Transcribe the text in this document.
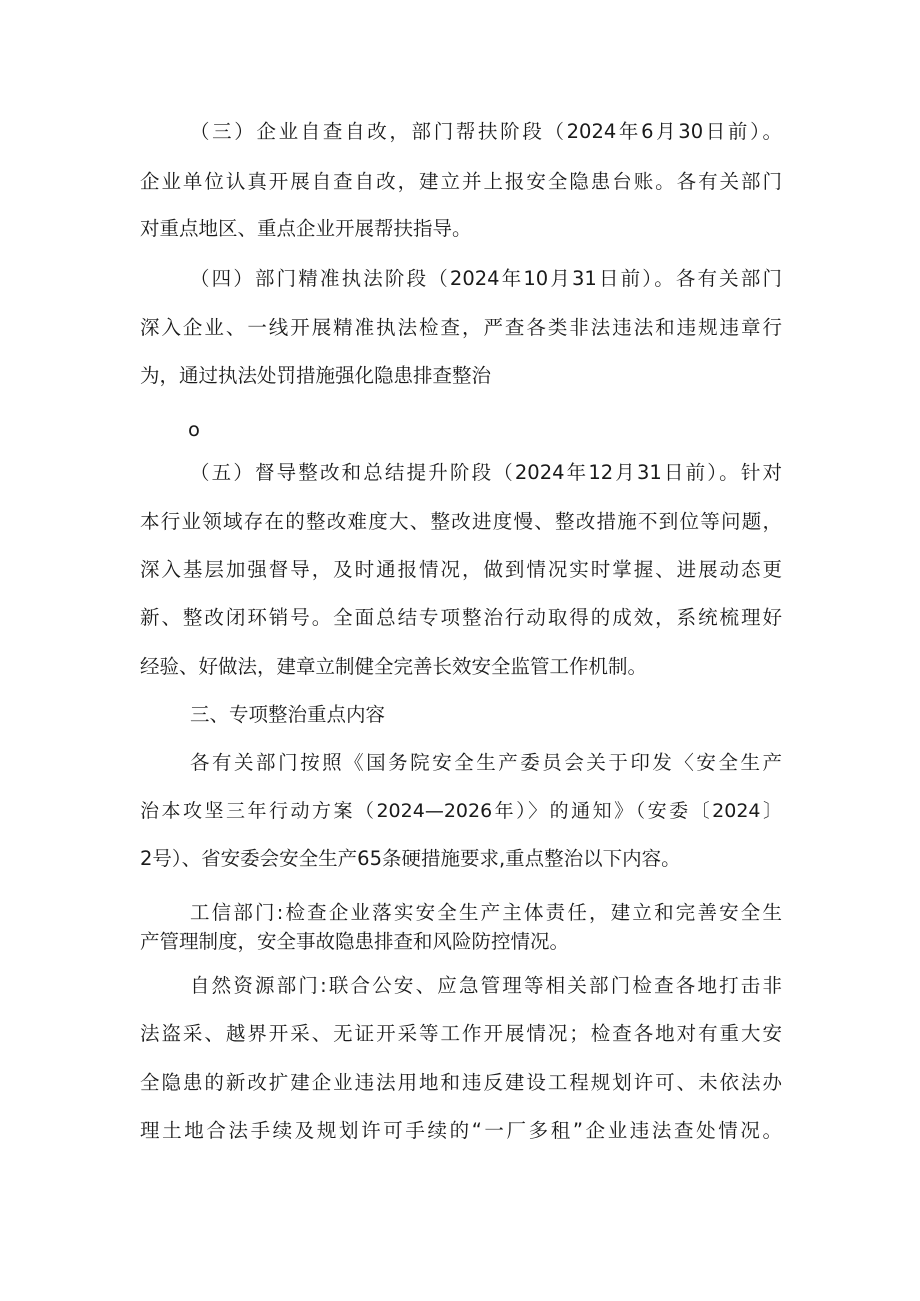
（三）企业自查自改，部门帮扶阶段（2024年6月30日前）。

企业单位认真开展自查自改，建立并上报安全隐患台账。各有关部门

对重点地区、重点企业开展帮扶指导。

（四）部门精准执法阶段（2024年10月31日前）。各有关部门

深入企业、一线开展精准执法检查，严查各类非法违法和违规违章行

为，通过执法处罚措施强化隐患排查整治

o

（五）督导整改和总结提升阶段（2024年12月31日前）。针对

本行业领域存在的整改难度大、整改进度慢、整改措施不到位等问题，

深入基层加强督导，及时通报情况，做到情况实时掌握、进展动态更

新、整改闭环销号。全面总结专项整治行动取得的成效，系统梳理好

经验、好做法，建章立制健全完善长效安全监管工作机制。

三、专项整治重点内容

各有关部门按照《国务院安全生产委员会关于印发〈安全生产

治本攻坚三年行动方案（2024—2026年）〉的通知》（安委〔2024〕

2号）、省安委会安全生产65条硬措施要求,重点整治以下内容。

工信部门:检查企业落实安全生产主体责任，建立和完善安全生

产管理制度，安全事故隐患排查和风险防控情况。

自然资源部门:联合公安、应急管理等相关部门检查各地打击非

法盗采、越界开采、无证开采等工作开展情况；检查各地对有重大安

全隐患的新改扩建企业违法用地和违反建设工程规划许可、未依法办

理土地合法手续及规划许可手续的“一厂多租”企业违法查处情况。
